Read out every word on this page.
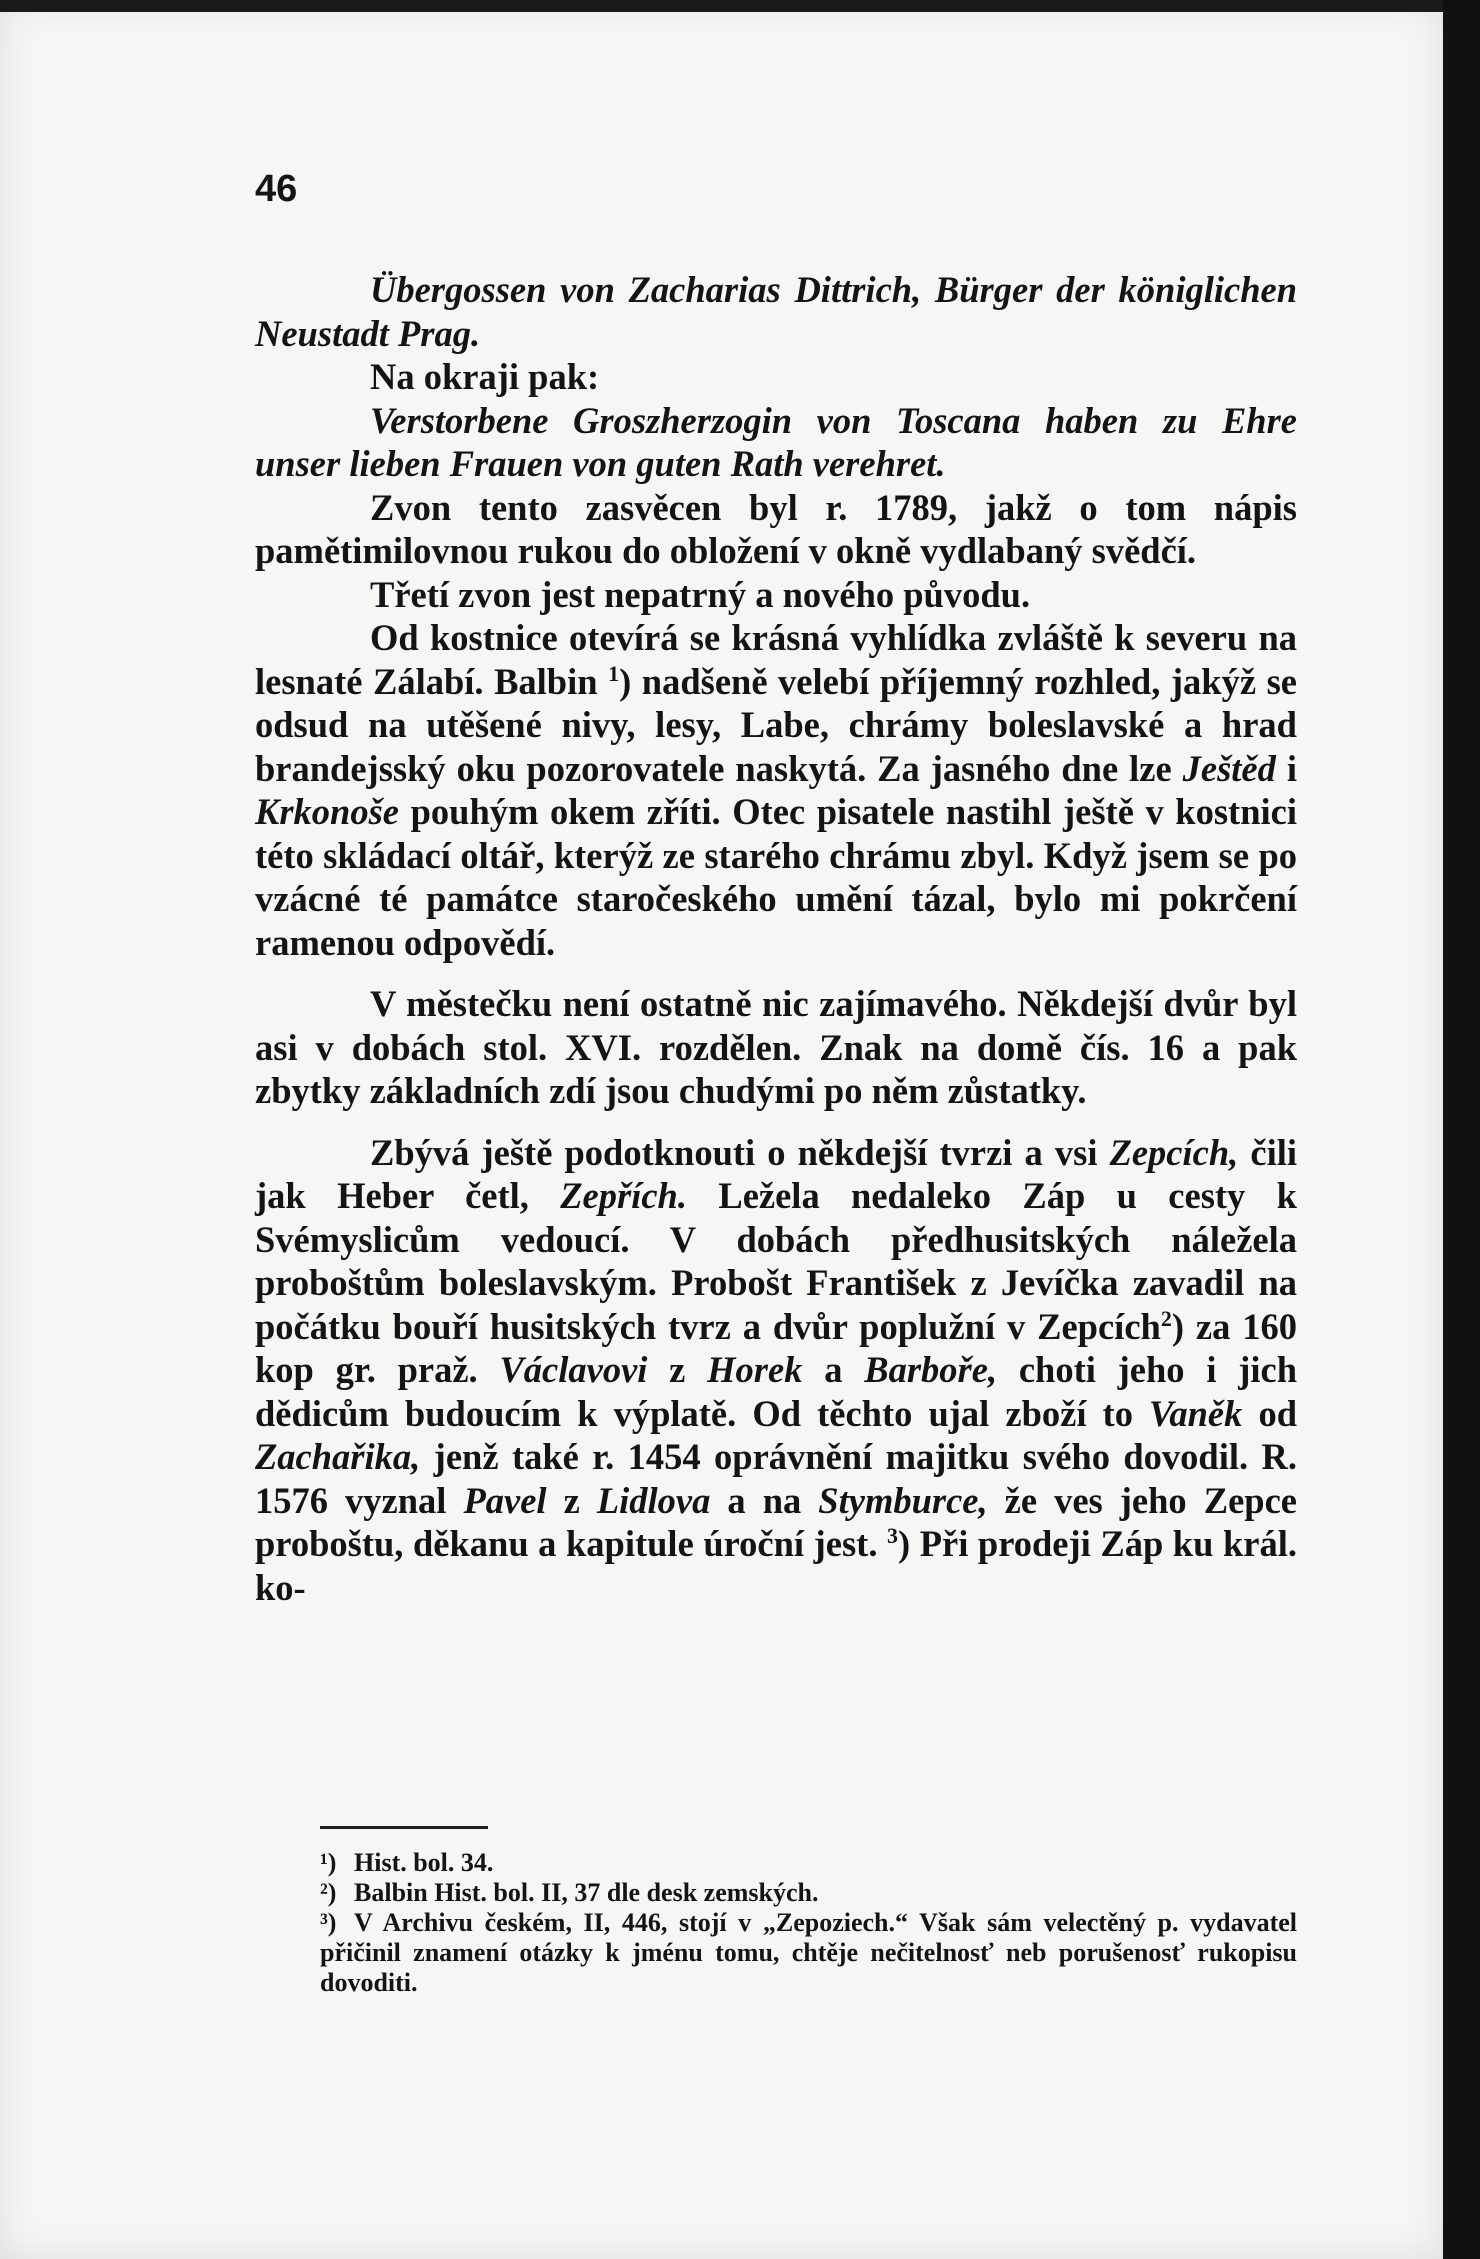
46

Übergossen von Zacharias Dittrich, Bürger der königlichen Neustadt Prag.

Na okraji pak:

Verstorbene Groszherzogin von Toscana haben zu Ehre unser lieben Frauen von guten Rath verehret.

Zvon tento zasvěcen byl r. 1789, jakž o tom nápis pamětimilovnou rukou do obložení v okně vydlabaný svědčí.

Třetí zvon jest nepatrný a nového původu.

Od kostnice otevírá se krásná vyhlídka zvláště k severu na lesnaté Zálabí. Balbin $^1$) nadšeně velebí příjemný rozhled, jakýž se odsud na utěšené nivy, lesy, Labe, chrámy boleslavské a hrad brandejsský oku pozorovatele naskytá. Za jasného dne lze Ještěd i Krkonoše pouhým okem zříti. Otec pisatele nastihl ještě v kostnici této skládací oltář, kterýž ze starého chrámu zbyl. Když jsem se po vzácné té památce staročeského umění tázal, bylo mi pokrčení ramenou odpovědí.

V městečku není ostatně nic zajímavého. Někdejší dvůr byl asi v dobách stol. XVI. rozdělen. Znak na domě čís. 16 a pak zbytky základních zdí jsou chudými po něm zůstatky.

Zbývá ještě podotknouti o někdejší tvrzi a vsi Zepcích, čili jak Heber četl, Zepřích. Ležela nedaleko Záp u cesty k Svémyslicům vedoucí. V dobách předhusitských náležela proboštům boleslavským. Probošt František z Jevíčka zavadil na počátku bouří husitských tvrz a dvůr poplužní v Zepcích$^2$) za 160 kop gr. praž. Václavovi z Horek a Barboře, choti jeho i jich dědicům budoucím k výplatě. Od těchto ujal zboží to Vaněk od Zachařika, jenž také r. 1454 oprávnění majitku svého dovodil. R. 1576 vyznal Pavel z Lidlova a na Stymburce, že ves jeho Zepce proboštu, děkanu a kapitule úroční jest. $^3$) Při prodeji Záp ku král. ko-

¹) Hist. bol. 34.

²) Balbin Hist. bol. II, 37 dle desk zemských.

³) V Archivu českém, II, 446, stojí v „Zepoziech.“ Však sám velectěný p. vydavatel přičinil znamení otázky k jménu tomu, chtěje nečitelnosť neb porušenosť rukopisu dovoditi.
